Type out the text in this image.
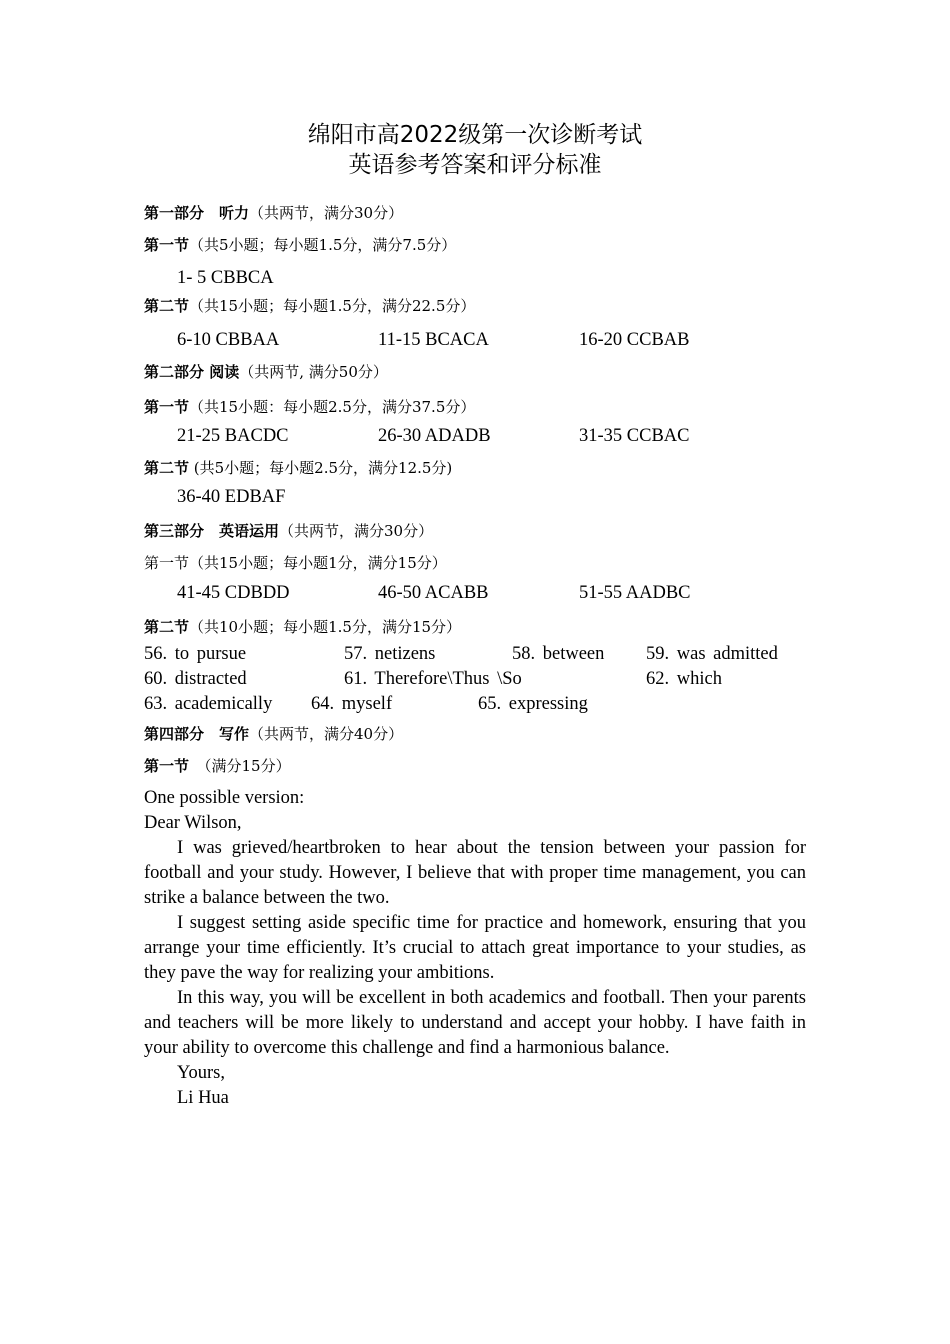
绵阳市高2022级第一次诊断考试
英语参考答案和评分标准
第一部分　听力（共两节，满分30分）
第一节（共5小题；每小题1.5分，满分7.5分）
1- 5 CBBCA
第二节（共15小题；每小题1.5分，满分22.5分）
6-10 CBBAA	11-15 BCACA	16-20 CCBAB
第二部分 阅读（共两节, 满分50分）
第一节（共15小题：每小题2.5分，满分37.5分）
21-25 BACDC	26-30 ADADB	31-35 CCBAC
第二节 (共5小题；每小题2.5分，满分12.5分)
36-40 EDBAF
第三部分　英语运用（共两节，满分30分）
第一节（共15小题；每小题1分，满分15分）
41-45 CDBDD	46-50 ACABB	51-55 AADBC
第二节（共10小题；每小题1.5分，满分15分）
56. to pursue	57. netizens	58. between 59. was admitted
60. distracted	61. Therefore\Thus \So	62. which
63. academically 64. myself	65. expressing
第四部分　写作（共两节，满分40分）
第一节　（满分15分）

One possible version:

Dear Wilson,

I was grieved/heartbroken to hear about the tension between your passion for football and your study. However, I believe that with proper time management, you can strike a balance between the two.

I suggest setting aside specific time for practice and homework, ensuring that you arrange your time efficiently. It’s crucial to attach great importance to your studies, as they pave the way for realizing your ambitions.

In this way, you will be excellent in both academics and football. Then your parents and teachers will be more likely to understand and accept your hobby. I have faith in your ability to overcome this challenge and find a harmonious balance.

Yours,

Li Hua
